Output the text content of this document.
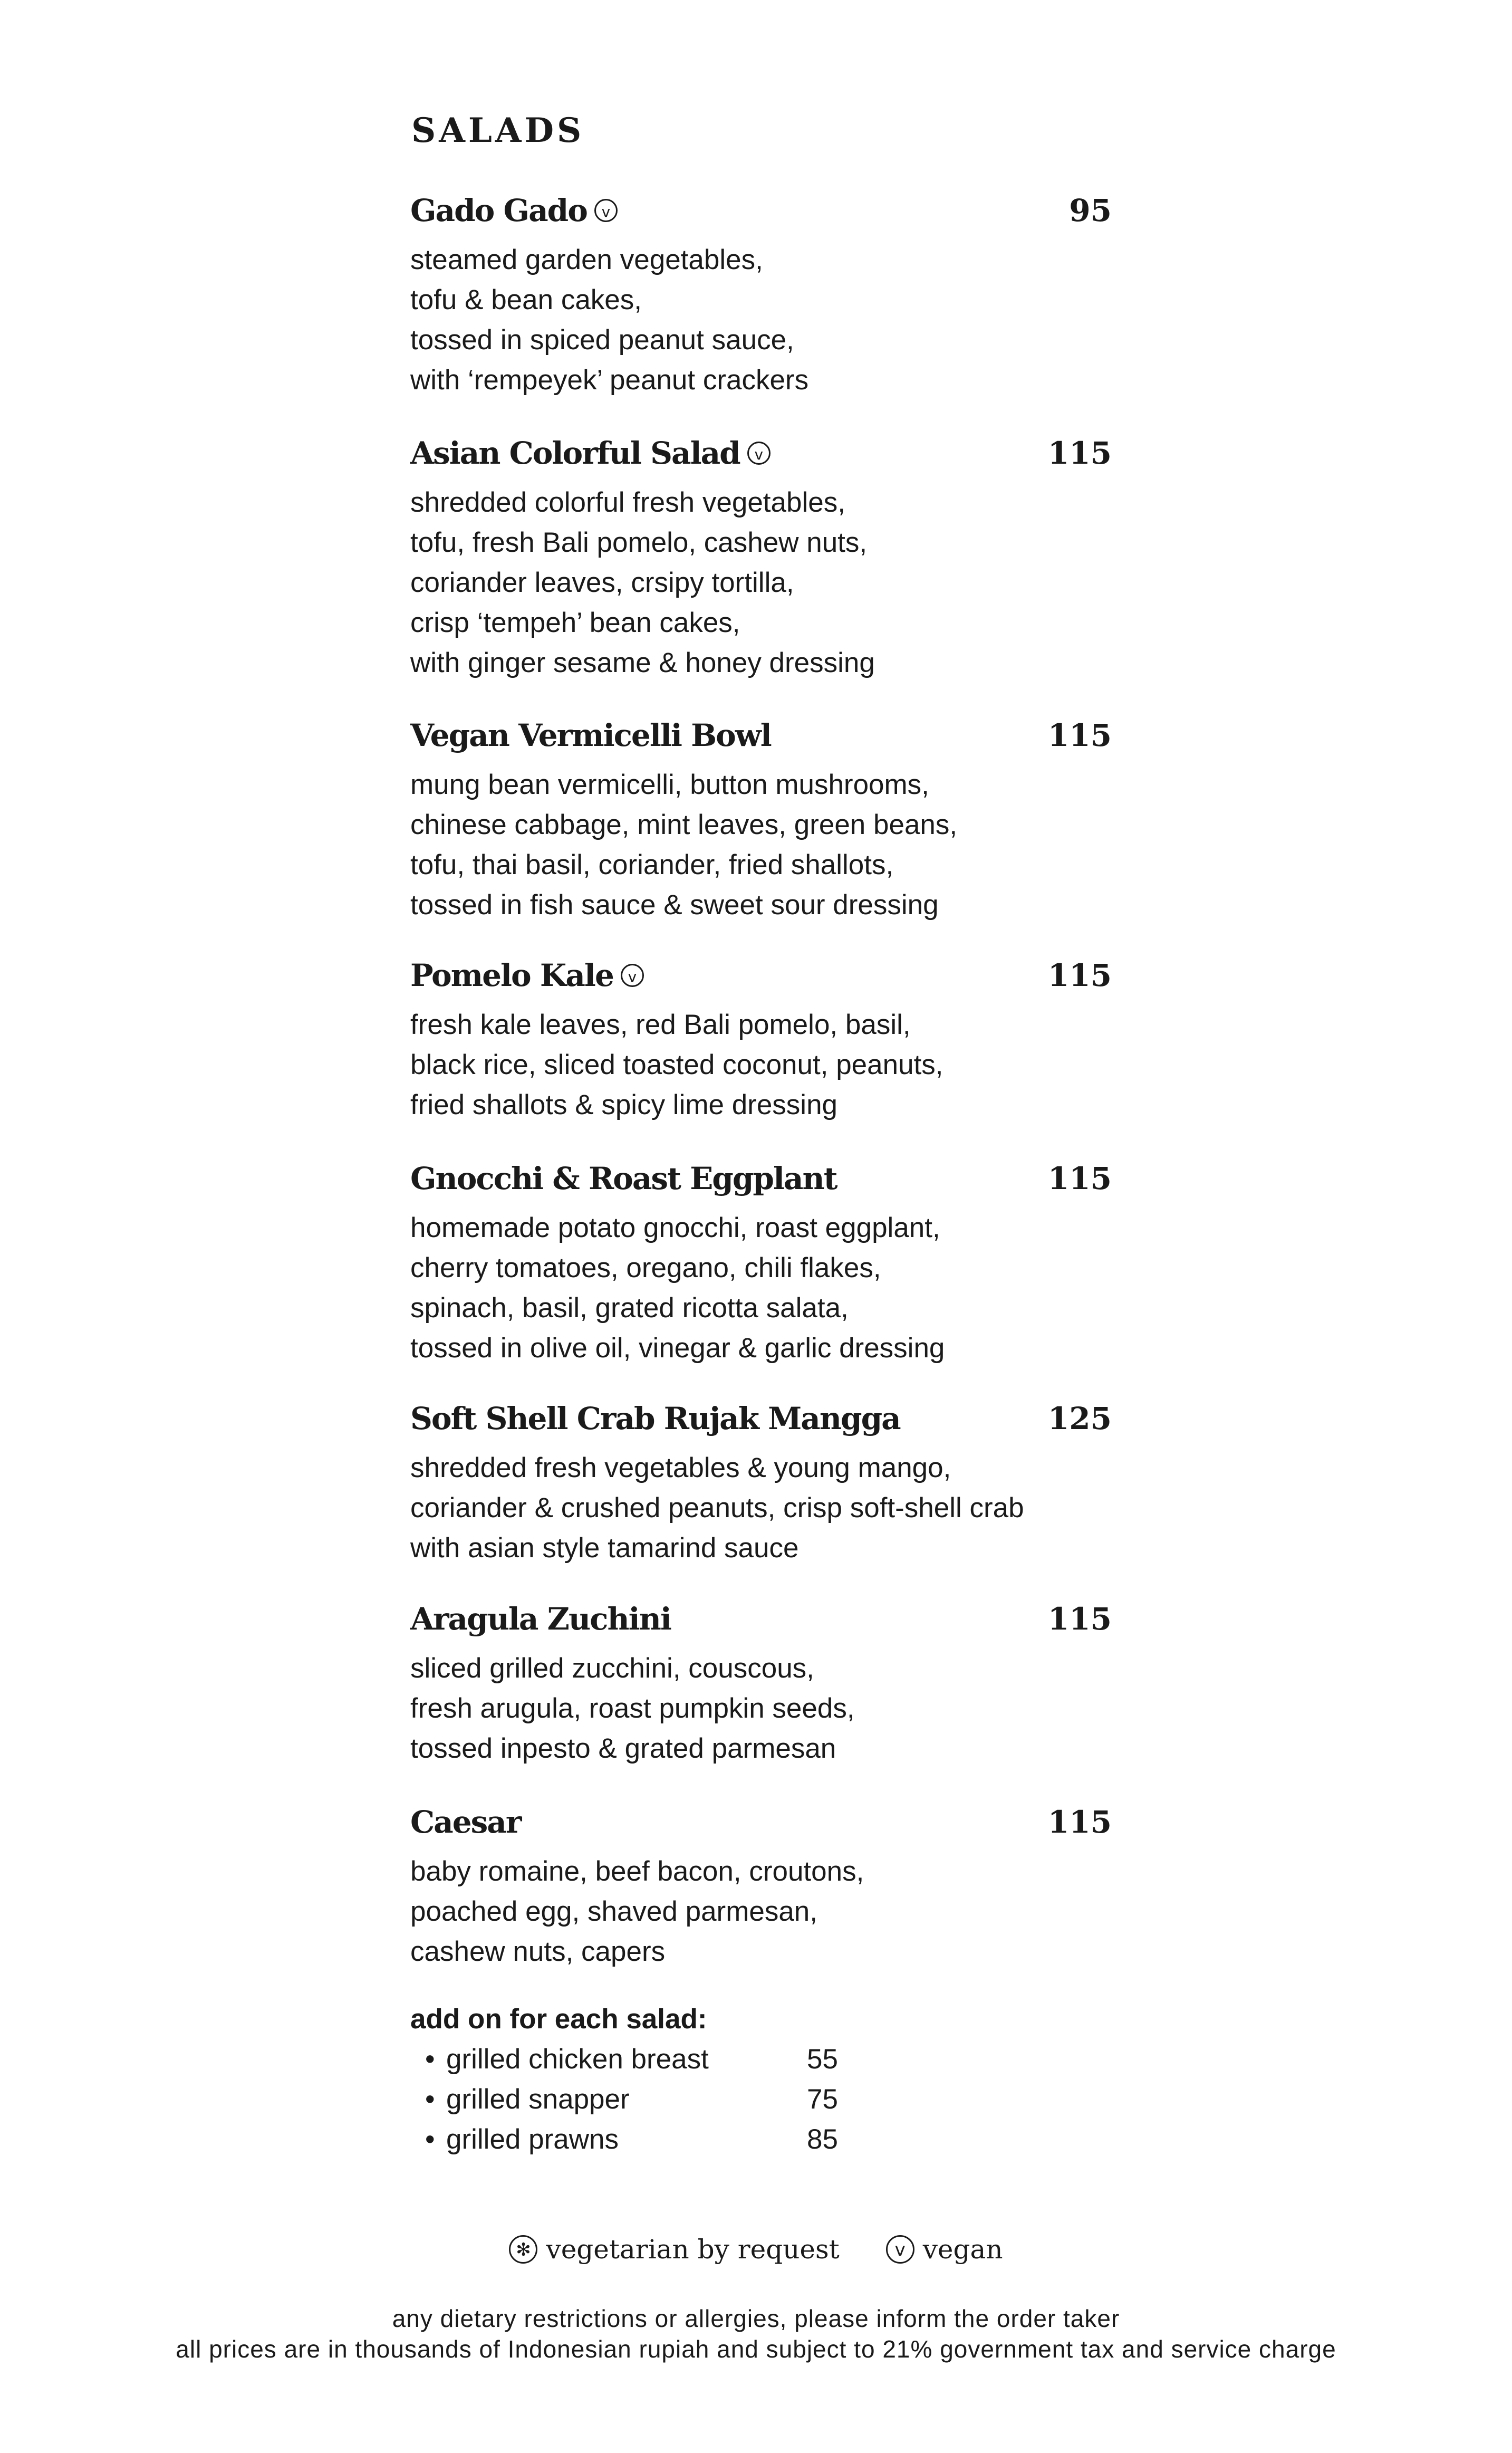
SALADS
Gado Gado v	95
steamed garden vegetables,
tofu & bean cakes,
tossed in spiced peanut sauce,
with ‘rempeyek’ peanut crackers
Asian Colorful Salad v	115
shredded colorful fresh vegetables,
tofu, fresh Bali pomelo, cashew nuts,
coriander leaves, crsipy tortilla,
crisp ‘tempeh’ bean cakes,
with ginger sesame & honey dressing
Vegan Vermicelli Bowl	115
mung bean vermicelli, button mushrooms,
chinese cabbage, mint leaves, green beans,
tofu, thai basil, coriander, fried shallots,
tossed in fish sauce & sweet sour dressing
Pomelo Kale v	115
fresh kale leaves, red Bali pomelo, basil,
black rice, sliced toasted coconut, peanuts,
fried shallots & spicy lime dressing
Gnocchi & Roast Eggplant	115
homemade potato gnocchi, roast eggplant,
cherry tomatoes, oregano, chili flakes,
spinach, basil, grated ricotta salata,
tossed in olive oil, vinegar & garlic dressing
Soft Shell Crab Rujak Mangga	125
shredded fresh vegetables & young mango,
coriander & crushed peanuts, crisp soft-shell crab
with asian style tamarind sauce
Aragula Zuchini	115
sliced grilled zucchini, couscous,
fresh arugula, roast pumpkin seeds,
tossed inpesto & grated parmesan
Caesar	115
baby romaine, beef bacon, croutons,
poached egg, shaved parmesan,
cashew nuts, capers
add on for each salad:
• grilled chicken breast	55
• grilled snapper	75
• grilled prawns	85
✻ vegetarian by request
	v vegan
any dietary restrictions or allergies, please inform the order taker
all prices are in thousands of Indonesian rupiah and subject to 21% government tax and service charge
